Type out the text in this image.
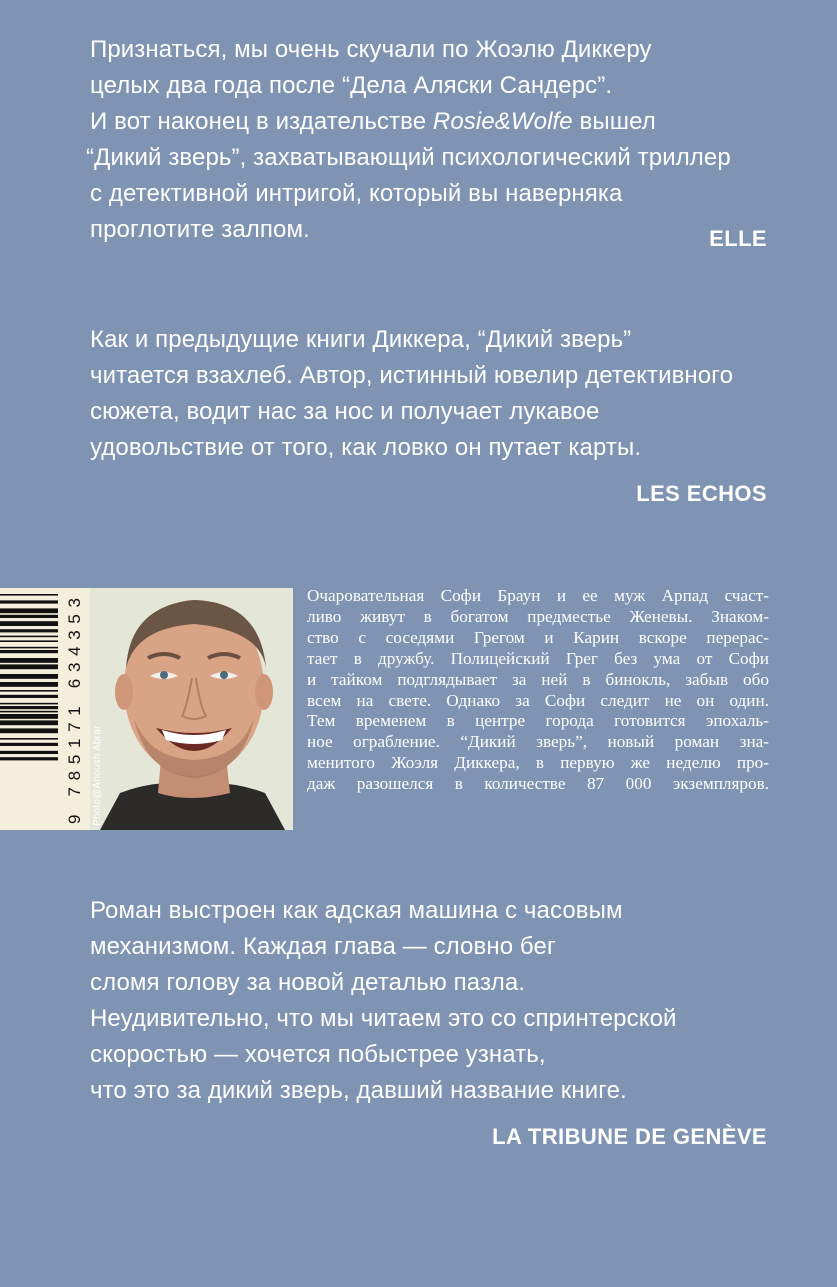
Признаться, мы очень скучали по Жоэлю Диккеру
целых два года после “Дела Аляски Сандерс”.
И вот наконец в издательстве Rosie&Wolfe вышел
“Дикий зверь”, захватывающий психологический триллер
с детективной интригой, который вы наверняка
проглотите залпом.	ELLE
Как и предыдущие книги Диккера, “Дикий зверь”
читается взахлеб. Автор, истинный ювелир детективного
сюжета, водит нас за нос и получает лукавое
удовольствие от того, как ловко он путает карты.
LES ECHOS
9 785171 634353
Photo@Anoush Abrar
Очаровательная Софи Браун и ее муж Арпад счаст-
ливо живут в богатом предместье Женевы. Знаком-
ство с соседями Грегом и Карин вскоре перерас-
тает в дружбу. Полицейский Грег без ума от Софи
и тайком подглядывает за ней в бинокль, забыв обо
всем на свете. Однако за Софи следит не он один.
Тем временем в центре города готовится эпохаль-
ное ограбление. “Дикий зверь”, новый роман зна-
менитого Жоэля Диккера, в первую же неделю про-
даж разошелся в количестве 87 000 экземпляров.
Роман выстроен как адская машина с часовым
механизмом. Каждая глава — словно бег
сломя голову за новой деталью пазла.
Неудивительно, что мы читаем это со спринтерской
скоростью — хочется побыстрее узнать,
что это за дикий зверь, давший название книге.
LA TRIBUNE DE GENÈVE
